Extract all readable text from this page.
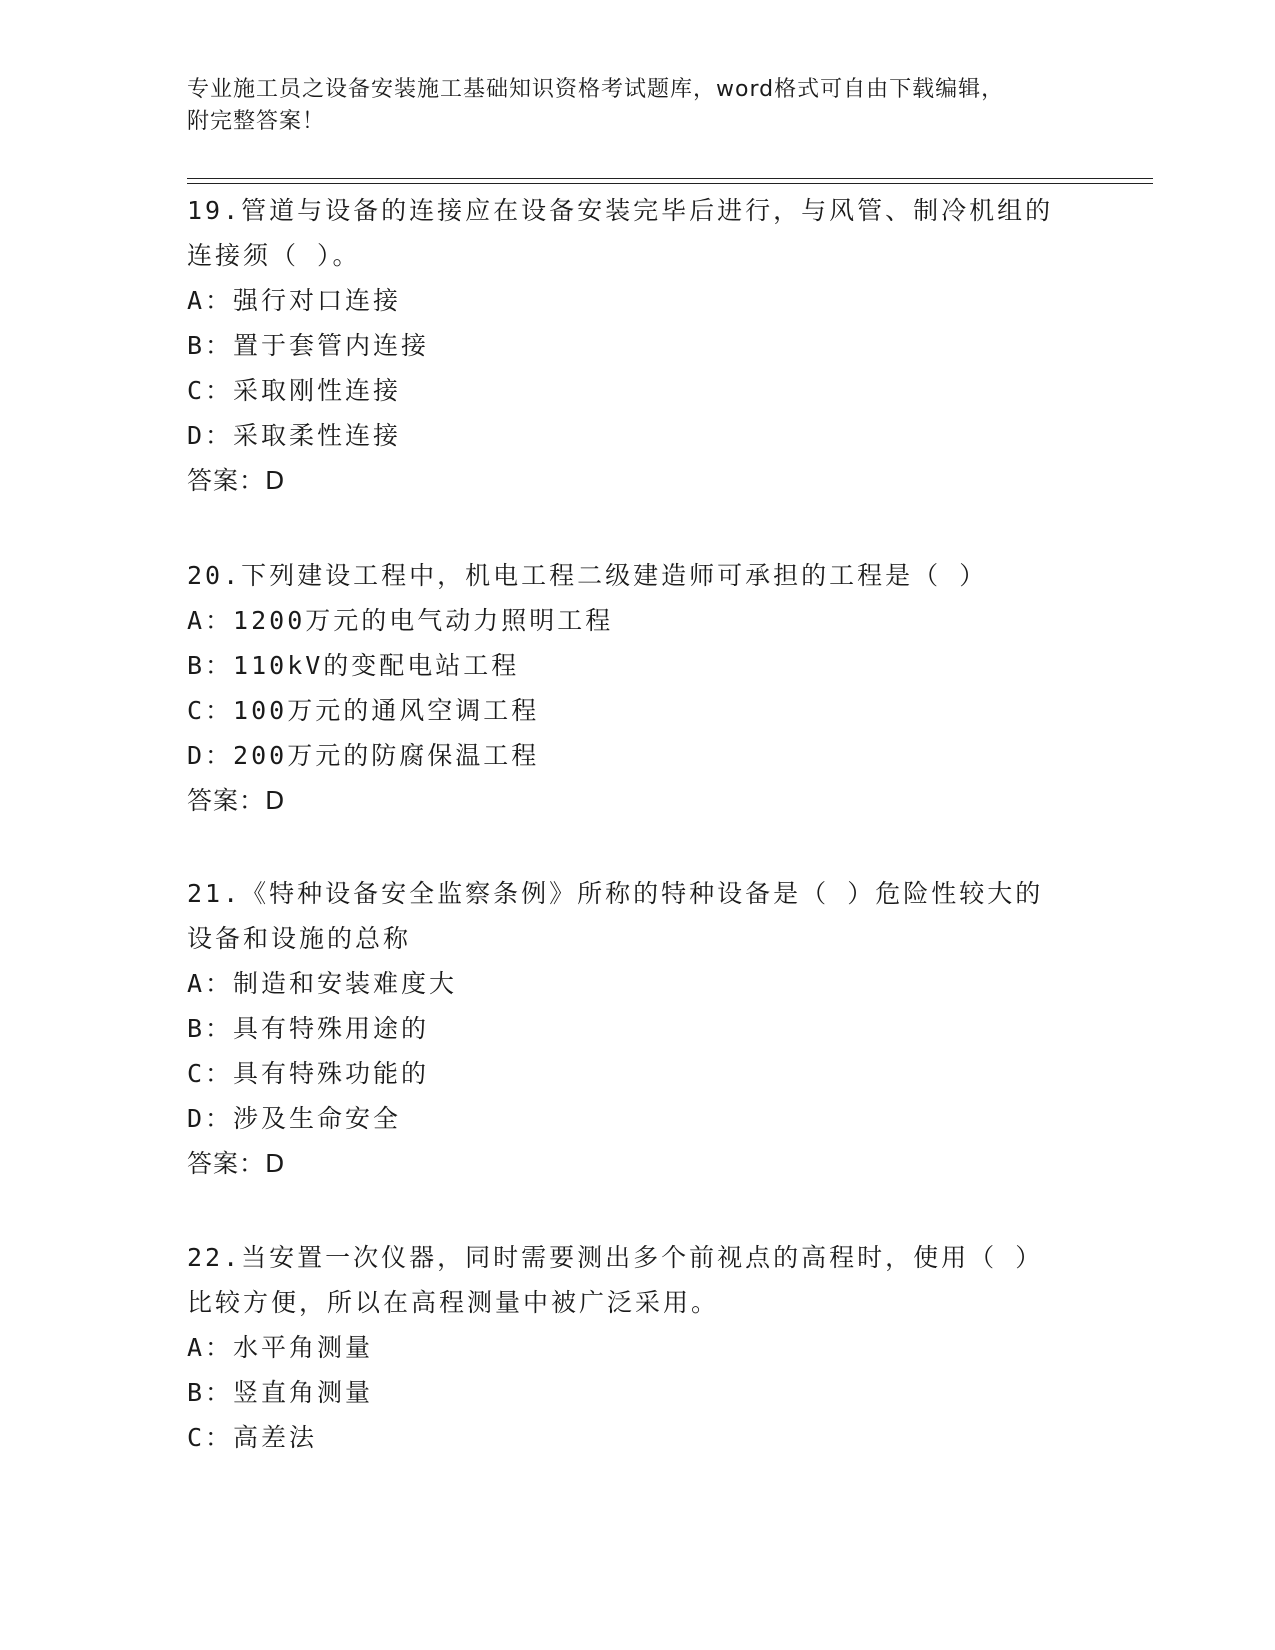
专业施工员之设备安装施工基础知识资格考试题库，word格式可自由下载编辑，
附完整答案！
19.管道与设备的连接应在设备安装完毕后进行，与风管、制冷机组的
连接须（ ）。
A：强行对口连接
B：置于套管内连接
C：采取刚性连接
D：采取柔性连接
答案：D
20.下列建设工程中，机电工程二级建造师可承担的工程是（ ）
A：1200万元的电气动力照明工程
B：110kV的变配电站工程
C：100万元的通风空调工程
D：200万元的防腐保温工程
答案：D
21.《特种设备安全监察条例》所称的特种设备是（ ）危险性较大的
设备和设施的总称
A：制造和安装难度大
B：具有特殊用途的
C：具有特殊功能的
D：涉及生命安全
答案：D
22.当安置一次仪器，同时需要测出多个前视点的高程时，使用（ ）
比较方便，所以在高程测量中被广泛采用。
A：水平角测量
B：竖直角测量
C：高差法
